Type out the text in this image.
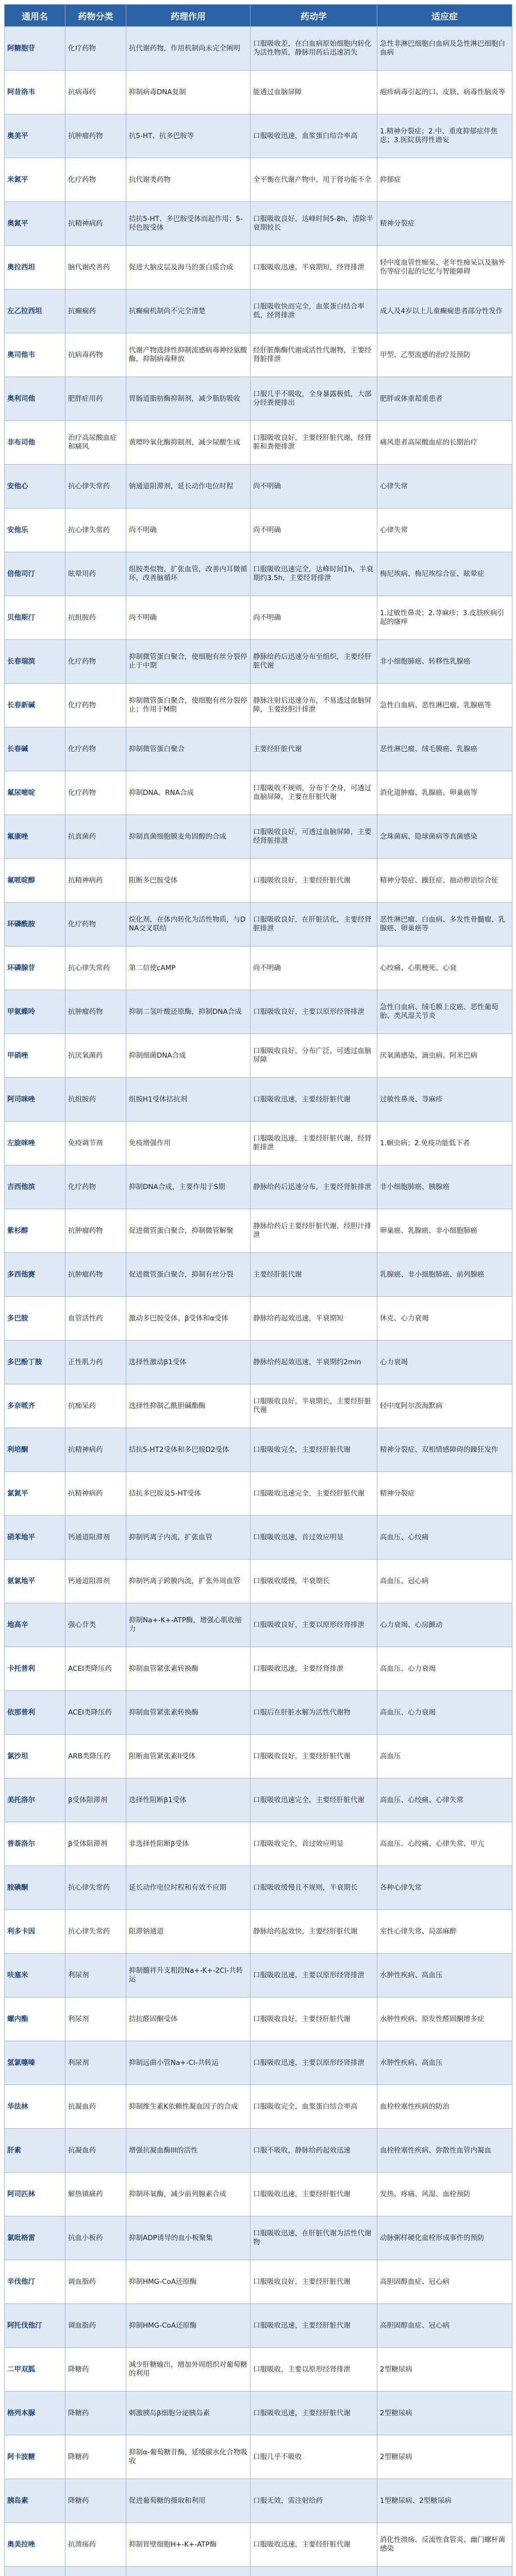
通用名	药物分类	药理作用	药动学	适应症
阿糖胞苷	化疗药物	抗代谢药物，作用机制尚未完全阐明	口服吸收差，在白血病原始细胞内转化为活性物质，静脉用药后迅速消失	急性非淋巴细胞白血病及急性淋巴细胞白血病
阿昔洛韦	抗病毒药	抑制病毒DNA复制	能透过血脑屏障	疱疹病毒引起的口、皮肤、病毒性脑炎等
奥美平	抗肿瘤药物	抗5-HT、抗多巴胺等	口服吸收迅速，血浆蛋白结合率高	1.精神分裂症；2.中、重度抑郁症伴焦虑；3.医院获得性谵妄
米氮平	化疗药物	抗代谢类药物	全平衡在代谢产物中，用于肾功能不全	抑郁症
奥氮平	抗精神病药	拮抗5-HT、多巴胺受体而起作用；5-羟色胺受体	口服吸收良好，达峰时间5-8h，清除半衰期较长	精神分裂症
奥拉西坦	脑代谢改善药	促进大脑皮层及海马的蛋白质合成	口服吸收迅速，半衰期短，经肾排泄	轻中度血管性痴呆、老年性痴呆以及脑外伤等症引起的记忆与智能障碍
左乙拉西坦	抗癫痫药	抗癫痫机制尚不完全清楚	口服吸收快而完全，血浆蛋白结合率低，经肾排泄	成人及4岁以上儿童癫痫患者部分性发作
奥司他韦	抗病毒药物	代谢产物选择性抑制流感病毒神经氨酸酶，抑制病毒释放	经肝脏酯酶代谢成活性代谢物，主要经肾脏排泄	甲型、乙型流感的治疗及预防
奥利司他	肥胖症用药	胃肠道脂肪酶抑制剂，减少脂肪吸收	口服几乎不吸收，全身暴露极低，大部分经粪便排出	肥胖或体重超重患者
非布司他	治疗高尿酸血症和痛风	黄嘌呤氧化酶抑制剂，减少尿酸生成	口服吸收良好，主要经肝脏代谢，经肾脏和粪便排泄	痛风患者高尿酸血症的长期治疗
安他心	抗心律失常药	钠通道阻滞剂，延长动作电位时程	尚不明确	心律失常
安他乐	抗心律失常药	尚不明确	尚不明确	心律失常
倍他司汀	眩晕用药	组胺类似物，扩张血管，改善内耳微循环，改善脑循环	口服吸收迅速完全，达峰时间1h，半衰期约3.5h，主要经肾排泄	梅尼埃病、梅尼埃综合征、眩晕症
贝他斯汀	抗组胺药	尚不明确	尚不明确	1.过敏性鼻炎；2.荨麻疹；3.皮肤疾病引起的瘙痒
长春瑞滨	化疗药物	抑制微管蛋白聚合，使细胞有丝分裂停止于中期	静脉给药后迅速分布至组织，主要经肝脏代谢	非小细胞肺癌、转移性乳腺癌
长春新碱	化疗药物	抑制微管蛋白聚合，使细胞有丝分裂停止；作用于M期	静脉注射后迅速分布，不易透过血脑屏障，主要经胆汁排泄	急性白血病、恶性淋巴瘤、乳腺癌等
长春碱	化疗药物	抑制微管蛋白聚合	主要经肝脏代谢	恶性淋巴瘤、绒毛膜癌、乳腺癌
氟尿嘧啶	化疗药物	抑制DNA、RNA合成	口服吸收不规则，分布于全身，可透过血脑屏障，主要在肝脏代谢	消化道肿瘤、乳腺癌、卵巢癌等
氟康唑	抗真菌药	抑制真菌细胞膜麦角固醇的合成	口服吸收良好，可透过血脑屏障，主要经肾脏排泄	念珠菌病、隐球菌病等真菌感染
氟哌啶醇	抗精神病药	阻断多巴胺受体	口服吸收良好，主要经肝脏代谢	精神分裂症、躁狂症、抽动秽语综合征
环磷酰胺	化疗药物	烷化剂，在体内转化为活性物质，与DNA交叉联结	口服吸收良好，在肝脏活化，主要经肾脏排泄	恶性淋巴瘤、白血病、多发性骨髓瘤、乳腺癌、卵巢癌等
环磷腺苷	抗心律失常药	第二信使cAMP	尚不明确	心绞痛、心肌梗死、心衰
甲氨蝶呤	抗肿瘤药物	抑制二氢叶酸还原酶，抑制DNA合成	口服吸收良好，主要以原形经肾排泄	急性白血病、绒毛膜上皮癌、恶性葡萄胎、类风湿关节炎
甲硝唑	抗厌氧菌药	抑制细菌DNA合成	口服吸收良好，分布广泛，可透过血脑屏障	厌氧菌感染、滴虫病、阿米巴病
阿司咪唑	抗组胺药	组胺H1受体拮抗剂	口服吸收迅速，主要经肝脏代谢	过敏性鼻炎、荨麻疹
左旋咪唑	免疫调节剂	免疫增强作用	口服吸收迅速，主要经肝脏代谢，经肾脏排泄	1.蛔虫病；2.免疫功能低下者
吉西他滨	化疗药物	抑制DNA合成，主要作用于S期	静脉给药后迅速分布，主要经肾脏排泄	非小细胞肺癌、胰腺癌
紫杉醇	抗肿瘤药物	促进微管蛋白聚合，抑制微管解聚	静脉给药后主要经肝脏代谢，经胆汁排泄	卵巢癌、乳腺癌、非小细胞肺癌
多西他赛	抗肿瘤药物	促进微管蛋白聚合，抑制有丝分裂	主要经肝脏代谢	乳腺癌、非小细胞肺癌、前列腺癌
多巴胺	血管活性药	激动多巴胺受体、β受体和α受体	静脉给药起效迅速，半衰期短	休克、心力衰竭
多巴酚丁胺	正性肌力药	选择性激动β1受体	静脉给药起效迅速，半衰期约2min	心力衰竭
多奈哌齐	抗痴呆药	选择性抑制乙酰胆碱酯酶	口服吸收良好，半衰期长，主要经肝脏代谢	轻中度阿尔茨海默病
利培酮	抗精神病药	拮抗5-HT2受体和多巴胺D2受体	口服吸收完全，主要经肝脏代谢	精神分裂症、双相情感障碍的躁狂发作
氯氮平	抗精神病药	拮抗多巴胺及5-HT受体	口服吸收迅速完全，主要经肝脏代谢	精神分裂症
硝苯地平	钙通道阻滞剂	抑制钙离子内流，扩张血管	口服吸收迅速，首过效应明显	高血压、心绞痛
氨氯地平	钙通道阻滞剂	抑制钙离子跨膜内流，扩张外周血管	口服吸收缓慢，半衰期长	高血压、冠心病
地高辛	强心苷类	抑制Na+-K+-ATP酶，增强心肌收缩力	口服吸收良好，主要以原形经肾排泄	心力衰竭、心房颤动
卡托普利	ACEI类降压药	抑制血管紧张素转换酶	口服吸收迅速，主要经肾排泄	高血压、心力衰竭
依那普利	ACEI类降压药	抑制血管紧张素转换酶	口服后在肝脏水解为活性代谢物	高血压、心力衰竭
氯沙坦	ARB类降压药	阻断血管紧张素II受体	口服吸收良好，主要经肝脏代谢	高血压
美托洛尔	β受体阻滞剂	选择性阻断β1受体	口服吸收迅速完全，主要经肝脏代谢	高血压、心绞痛、心律失常
普萘洛尔	β受体阻滞剂	非选择性阻断β受体	口服吸收完全，首过效应明显	高血压、心绞痛、心律失常、甲亢
胺碘酮	抗心律失常药	延长动作电位时程和有效不应期	口服吸收缓慢且不规则，半衰期长	各种心律失常
利多卡因	抗心律失常药	阻滞钠通道	静脉给药起效快，主要经肝脏代谢	室性心律失常、局部麻醉
呋塞米	利尿剂	抑制髓袢升支粗段Na+-K+-2Cl-共转运	口服吸收迅速，主要以原形经肾排泄	水肿性疾病、高血压
螺内酯	利尿剂	拮抗醛固酮受体	口服吸收良好，主要经肝脏代谢	水肿性疾病、原发性醛固酮增多症
氢氯噻嗪	利尿剂	抑制远曲小管Na+-Cl-共转运	口服吸收迅速，主要以原形经肾排泄	水肿性疾病、高血压
华法林	抗凝血药	抑制维生素K依赖性凝血因子的合成	口服吸收完全，血浆蛋白结合率高	血栓栓塞性疾病的防治
肝素	抗凝血药	增强抗凝血酶III的活性	口服不吸收，静脉给药起效迅速	血栓栓塞性疾病、弥散性血管内凝血
阿司匹林	解热镇痛药	抑制环氧酶，减少前列腺素合成	口服吸收迅速，主要经肝脏代谢	发热、疼痛、风湿、血栓预防
氯吡格雷	抗血小板药	抑制ADP诱导的血小板聚集	口服吸收迅速，在肝脏代谢为活性代谢物	动脉粥样硬化血栓形成事件的预防
辛伐他汀	调血脂药	抑制HMG-CoA还原酶	口服吸收良好，主要经肝脏代谢	高胆固醇血症、冠心病
阿托伐他汀	调血脂药	抑制HMG-CoA还原酶	口服吸收迅速，主要经肝脏代谢	高胆固醇血症、冠心病
二甲双胍	降糖药	减少肝糖输出，增加外周组织对葡萄糖的利用	口服吸收，主要以原形经肾排泄	2型糖尿病
格列本脲	降糖药	刺激胰岛β细胞分泌胰岛素	口服吸收迅速，主要经肝脏代谢	2型糖尿病
阿卡波糖	降糖药	抑制α-葡萄糖苷酶，延缓碳水化合物吸收	口服几乎不吸收	2型糖尿病
胰岛素	降糖药	促进葡萄糖的摄取和利用	口服无效，需注射给药	1型糖尿病、2型糖尿病
奥美拉唑	抗溃疡药	抑制胃壁细胞H+-K+-ATP酶	口服吸收迅速，主要经肝脏代谢	消化性溃疡、反流性食管炎、幽门螺杆菌感染
